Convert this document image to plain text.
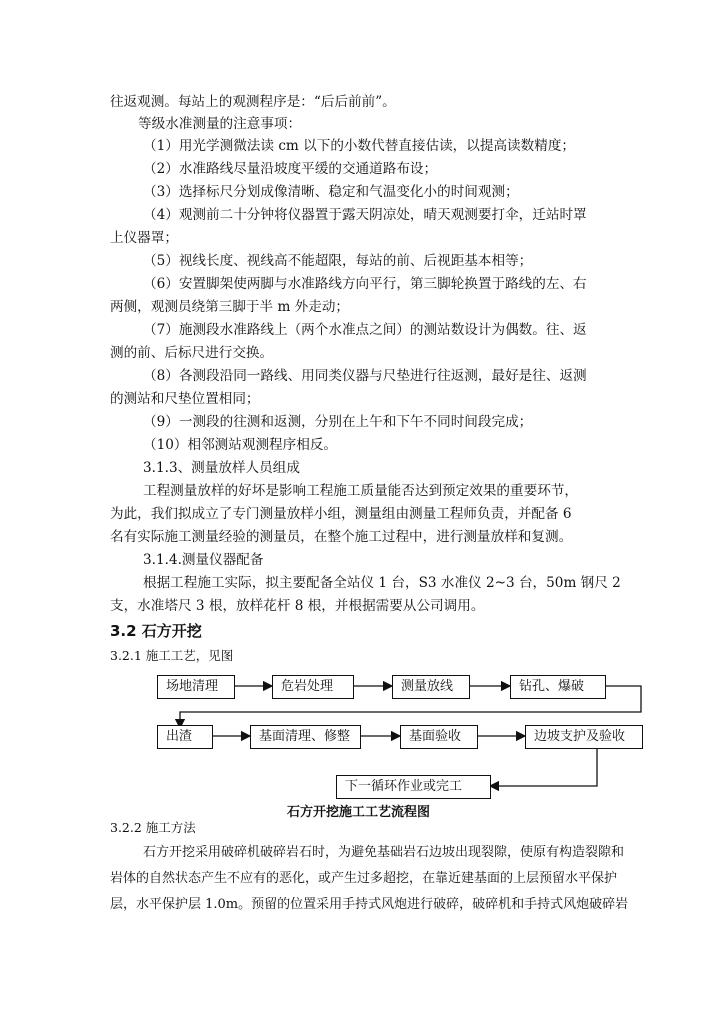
往返观测。每站上的观测程序是：“后后前前”。
等级水准测量的注意事项：
（1）用光学测微法读 cm 以下的小数代替直接估读，以提高读数精度；
（2）水准路线尽量沿坡度平缓的交通道路布设；
（3）选择标尺分划成像清晰、稳定和气温变化小的时间观测；
（4）观测前二十分钟将仪器置于露天阴凉处，晴天观测要打伞，迁站时罩
上仪器罩；
（5）视线长度、视线高不能超限，每站的前、后视距基本相等；
（6）安置脚架使两脚与水准路线方向平行，第三脚轮换置于路线的左、右
两侧，观测员绕第三脚于半 m 外走动；
（7）施测段水准路线上（两个水准点之间）的测站数设计为偶数。往、返
测的前、后标尺进行交换。
（8）各测段沿同一路线、用同类仪器与尺垫进行往返测，最好是往、返测
的测站和尺垫位置相同；
（9）一测段的往测和返测，分别在上午和下午不同时间段完成；
（10）相邻测站观测程序相反。
3.1.3、测量放样人员组成
工程测量放样的好坏是影响工程施工质量能否达到预定效果的重要环节，
为此，我们拟成立了专门测量放样小组，测量组由测量工程师负责，并配备 6
名有实际施工测量经验的测量员，在整个施工过程中，进行测量放样和复测。
3.1.4.测量仪器配备
根据工程施工实际，拟主要配备全站仪 1 台，S3 水准仪 2~3 台，50m 钢尺 2
支，水准塔尺 3 根，放样花杆 8 根，并根据需要从公司调用。
3.2 石方开挖
3.2.1 施工工艺，见图
场地清理	危岩处理	测量放线	钻孔、爆破
出渣	基面清理、修整	基面验收	边坡支护及验收
下一循环作业或完工
石方开挖施工工艺流程图
3.2.2 施工方法
石方开挖采用破碎机破碎岩石时，为避免基础岩石边坡出现裂隙，使原有构造裂隙和
岩体的自然状态产生不应有的恶化，或产生过多超挖，在靠近建基面的上层预留水平保护
层，水平保护层 1.0m。预留的位置采用手持式风炮进行破碎，破碎机和手持式风炮破碎岩
